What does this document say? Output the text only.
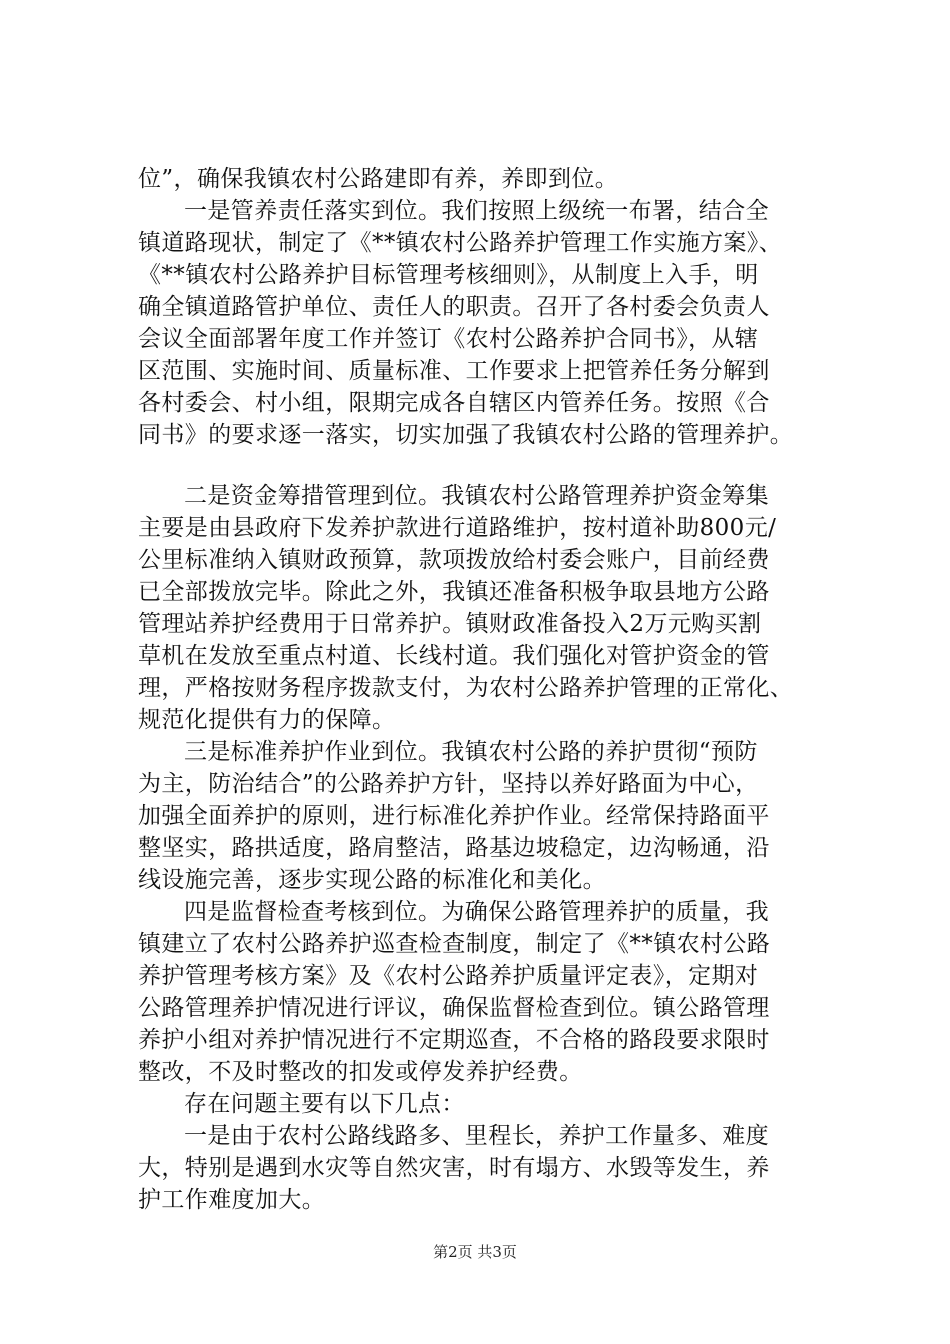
位”，确保我镇农村公路建即有养，养即到位。
一是管养责任落实到位。我们按照上级统一布署，结合全
镇道路现状，制定了《**镇农村公路养护管理工作实施方案》、
《**镇农村公路养护目标管理考核细则》，从制度上入手，明
确全镇道路管护单位、责任人的职责。召开了各村委会负责人
会议全面部署年度工作并签订《农村公路养护合同书》，从辖
区范围、实施时间、质量标准、工作要求上把管养任务分解到
各村委会、村小组，限期完成各自辖区内管养任务。按照《合
同书》的要求逐一落实，切实加强了我镇农村公路的管理养护。
二是资金筹措管理到位。我镇农村公路管理养护资金筹集
主要是由县政府下发养护款进行道路维护，按村道补助800元/
公里标准纳入镇财政预算，款项拨放给村委会账户，目前经费
已全部拨放完毕。除此之外，我镇还准备积极争取县地方公路
管理站养护经费用于日常养护。镇财政准备投入2万元购买割
草机在发放至重点村道、长线村道。我们强化对管护资金的管
理，严格按财务程序拨款支付，为农村公路养护管理的正常化、
规范化提供有力的保障。
三是标准养护作业到位。我镇农村公路的养护贯彻“预防
为主，防治结合”的公路养护方针，坚持以养好路面为中心，
加强全面养护的原则，进行标准化养护作业。经常保持路面平
整坚实，路拱适度，路肩整洁，路基边坡稳定，边沟畅通，沿
线设施完善，逐步实现公路的标准化和美化。
四是监督检查考核到位。为确保公路管理养护的质量，我
镇建立了农村公路养护巡查检查制度，制定了《**镇农村公路
养护管理考核方案》及《农村公路养护质量评定表》，定期对
公路管理养护情况进行评议，确保监督检查到位。镇公路管理
养护小组对养护情况进行不定期巡查，不合格的路段要求限时
整改，不及时整改的扣发或停发养护经费。
存在问题主要有以下几点：
一是由于农村公路线路多、里程长，养护工作量多、难度
大，特别是遇到水灾等自然灾害，时有塌方、水毁等发生，养
护工作难度加大。
第2页 共3页
